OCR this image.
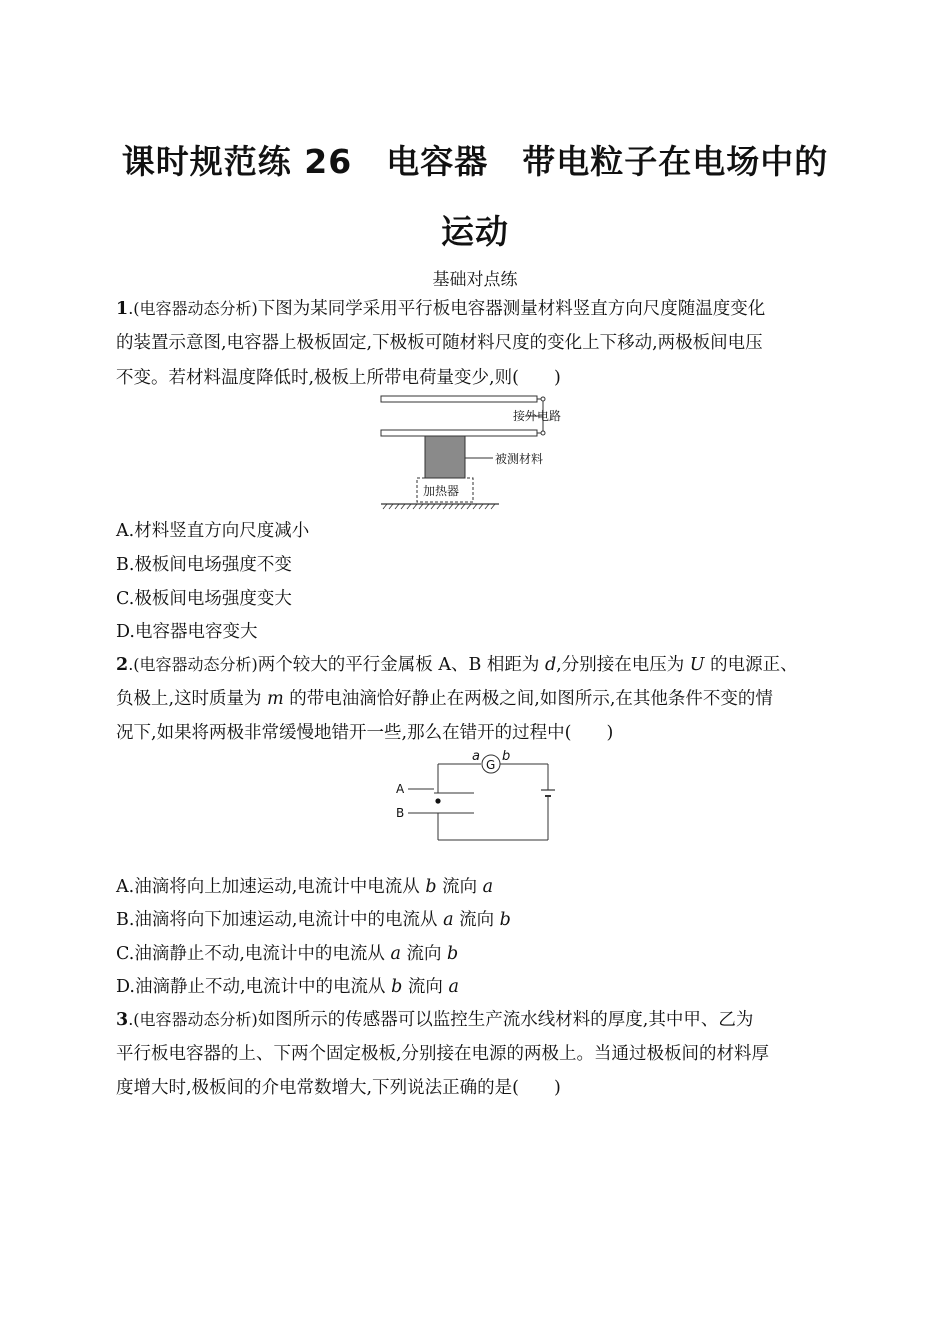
课时规范练 26　电容器　带电粒子在电场中的
运动
基础对点练
1.(电容器动态分析)下图为某同学采用平行板电容器测量材料竖直方向尺度随温度变化
的装置示意图,电容器上极板固定,下极板可随材料尺度的变化上下移动,两极板间电压
不变。若材料温度降低时,极板上所带电荷量变少,则(　　)
接外电路
被测材料
加热器
A.材料竖直方向尺度减小
B.极板间电场强度不变
C.极板间电场强度变大
D.电容器电容变大
2.(电容器动态分析)两个较大的平行金属板 A、B 相距为 d,分别接在电压为 U 的电源正、
负极上,这时质量为 m 的带电油滴恰好静止在两极之间,如图所示,在其他条件不变的情
况下,如果将两极非常缓慢地错开一些,那么在错开的过程中(　　)
A
B
G
a b
A.油滴将向上加速运动,电流计中电流从 b 流向 a
B.油滴将向下加速运动,电流计中的电流从 a 流向 b
C.油滴静止不动,电流计中的电流从 a 流向 b
D.油滴静止不动,电流计中的电流从 b 流向 a
3.(电容器动态分析)如图所示的传感器可以监控生产流水线材料的厚度,其中甲、乙为
平行板电容器的上、下两个固定极板,分别接在电源的两极上。当通过极板间的材料厚
度增大时,极板间的介电常数增大,下列说法正确的是(　　)
